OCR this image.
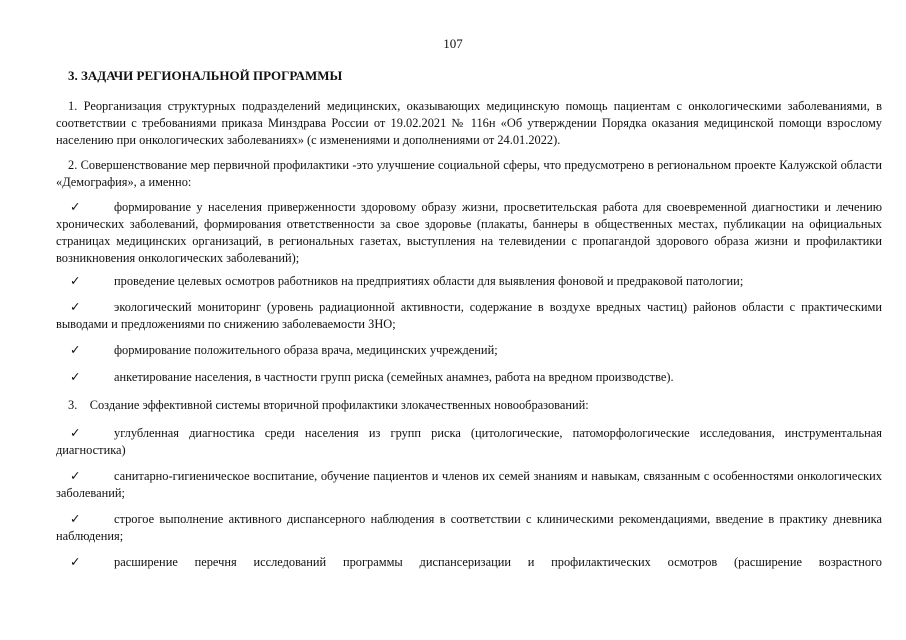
107
3. ЗАДАЧИ РЕГИОНАЛЬНОЙ ПРОГРАММЫ
1. Реорганизация структурных подразделений медицинских, оказывающих медицинскую помощь пациентам с онкологическими заболеваниями, в соответствии с требованиями приказа Минздрава России от 19.02.2021 № 116н «Об утверждении Порядка оказания медицинской помощи взрослому населению при онкологических заболеваниях» (с изменениями и дополнениями от 24.01.2022).
2. Совершенствование мер первичной профилактики -это улучшение социальной сферы, что предусмотрено в региональном проекте Калужской области «Демография», а именно:
✓	формирование у населения приверженности здоровому образу жизни, просветительская работа для своевременной диагностики и лечению хронических заболеваний, формирования ответственности за свое здоровье (плакаты, баннеры в общественных местах, публикации на официальных страницах медицинских организаций, в региональных газетах, выступления на телевидении с пропагандой здорового образа жизни и профилактики возникновения онкологических заболеваний);
✓	проведение целевых осмотров работников на предприятиях области для выявления фоновой и предраковой патологии;
✓	экологический мониторинг (уровень радиационной активности, содержание в воздухе вредных частиц) районов области с практическими выводами и предложениями по снижению заболеваемости ЗНО;
✓	формирование положительного образа врача, медицинских учреждений;
✓	анкетирование населения, в частности групп риска (семейных анамнез, работа на вредном производстве).
3. Создание эффективной системы вторичной профилактики злокачественных новообразований:
✓	углубленная диагностика среди населения из групп риска (цитологические, патоморфологические исследования, инструментальная диагностика)
✓	санитарно-гигиеническое воспитание, обучение пациентов и членов их семей знаниям и навыкам, связанным с особенностями онкологических заболеваний;
✓	строгое выполнение активного диспансерного наблюдения в соответствии с клиническими рекомендациями, введение в практику дневника наблюдения;
✓	расширение перечня исследований программы диспансеризации и профилактических осмотров (расширение возрастного
